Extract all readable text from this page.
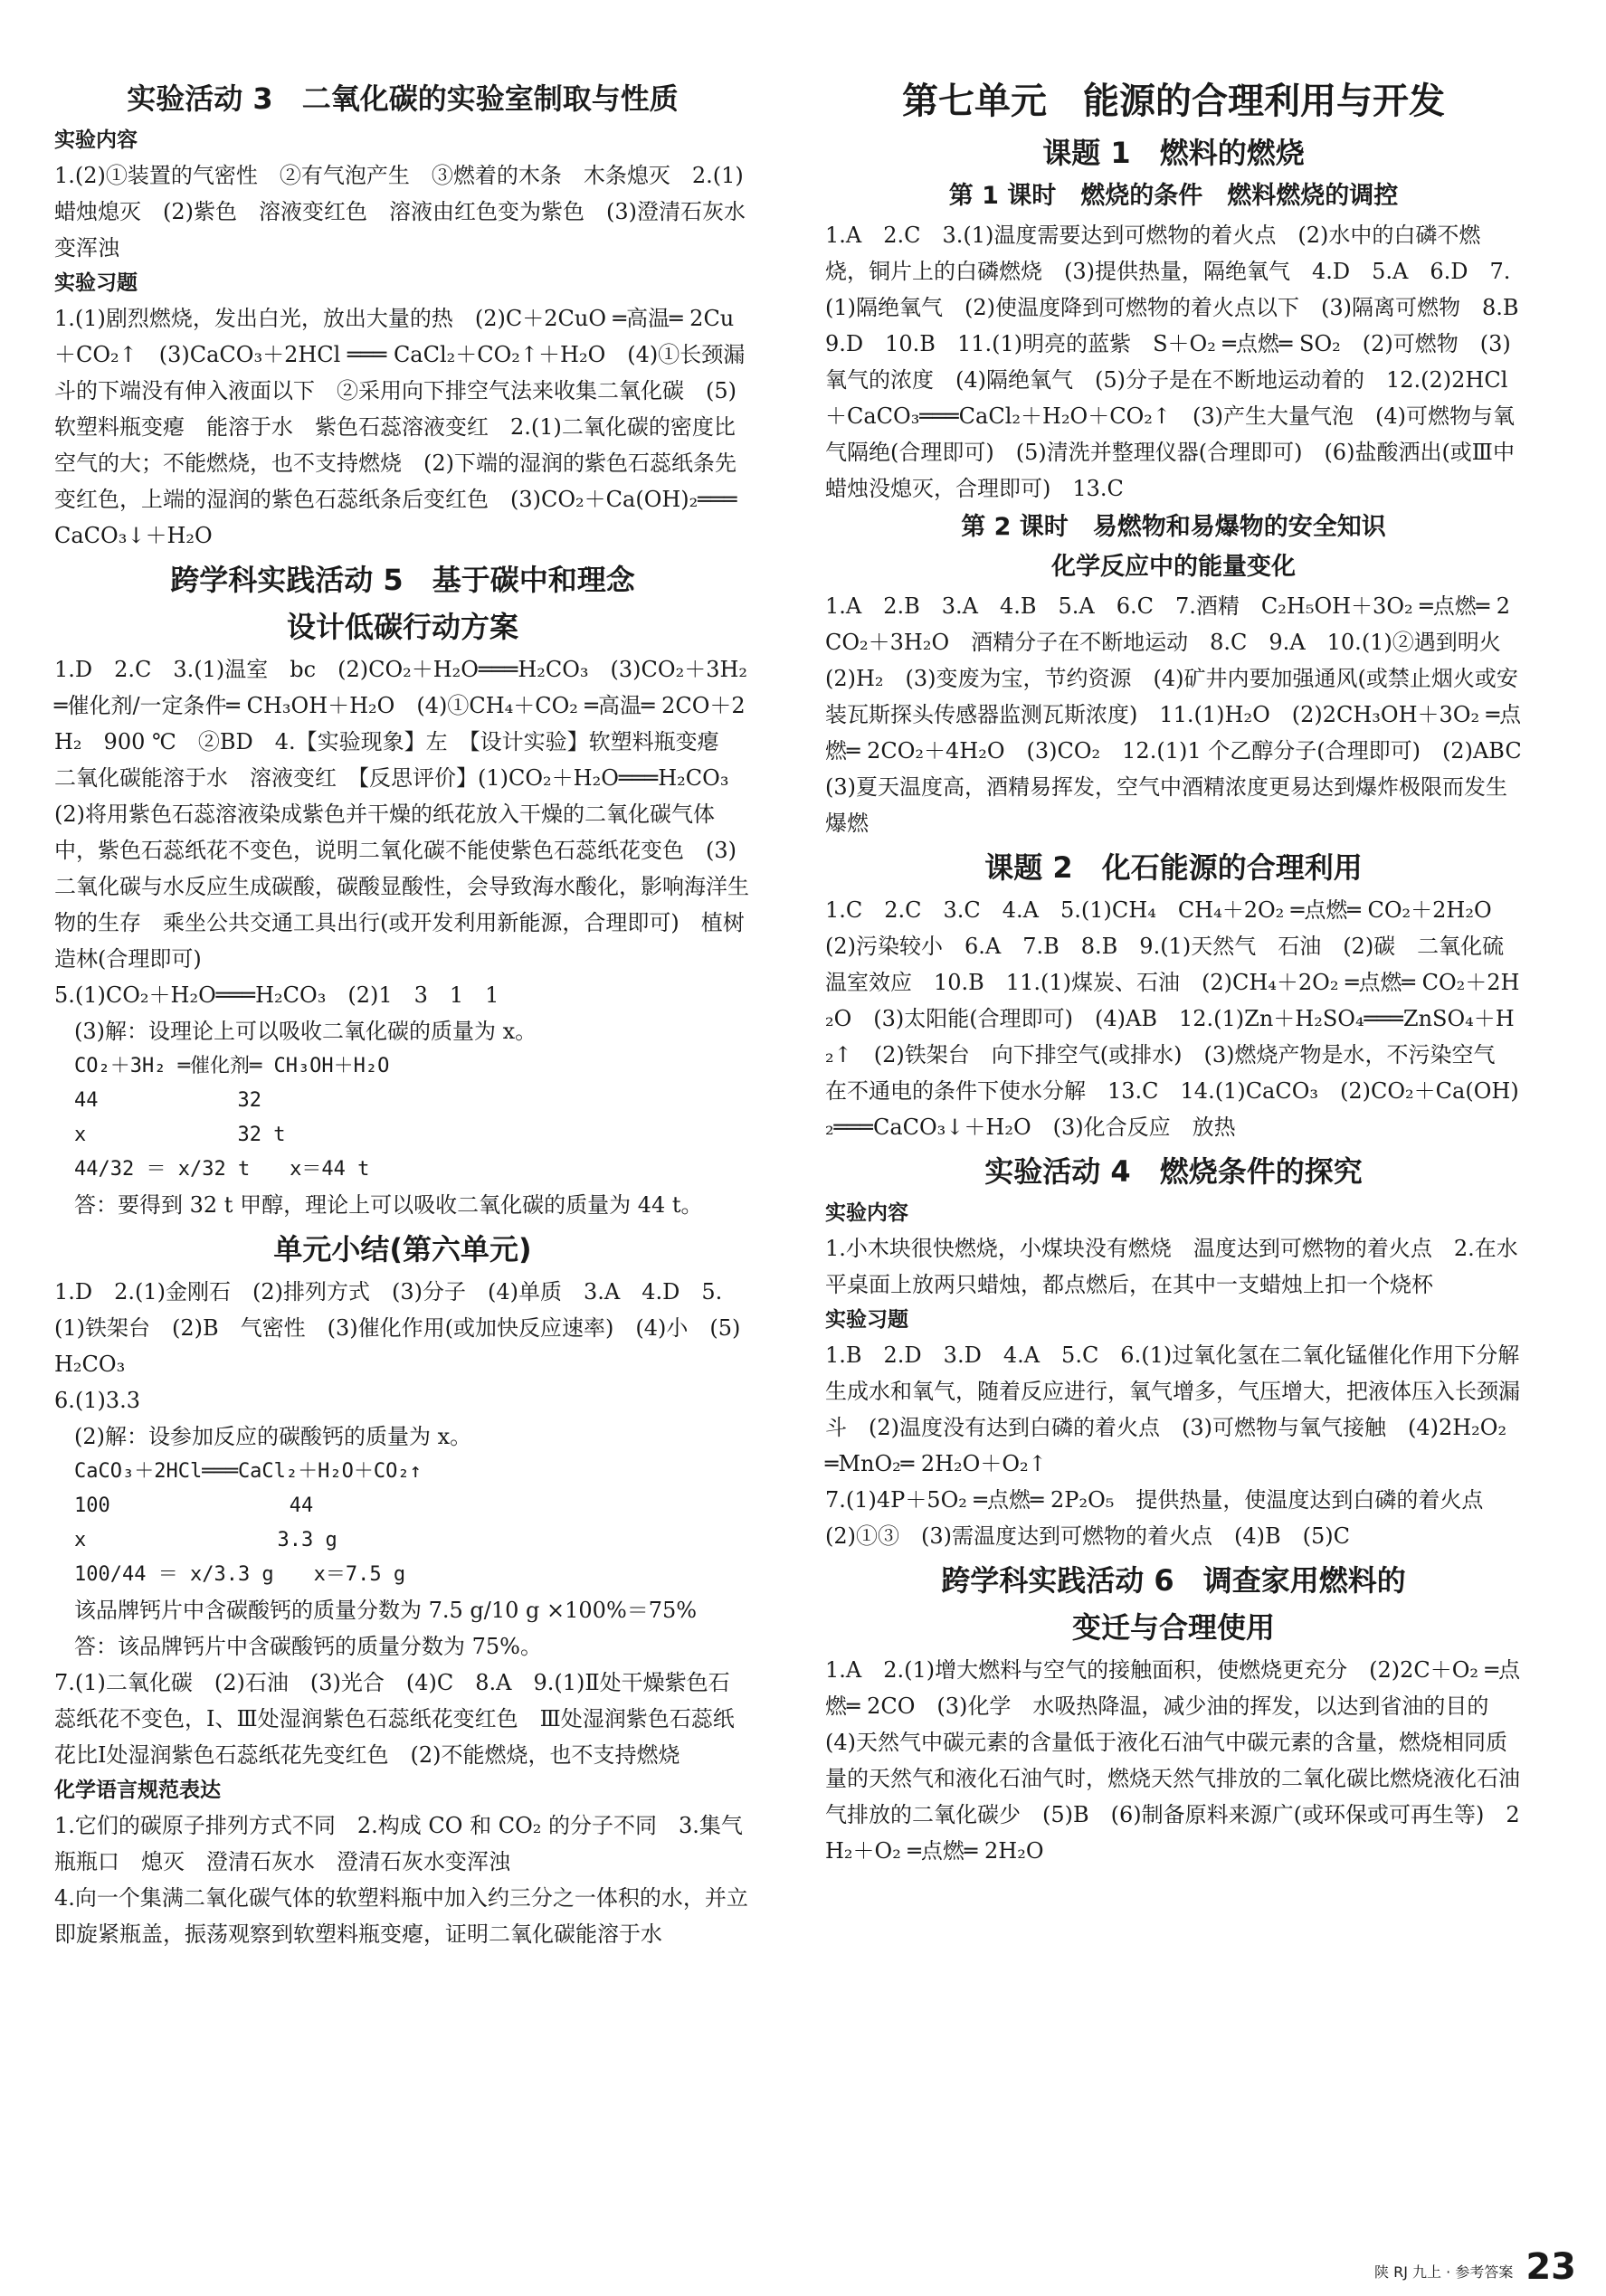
实验活动 3　二氧化碳的实验室制取与性质
实验内容
1.(2)①装置的气密性　②有气泡产生　③燃着的木条　木条熄灭　2.(1)蜡烛熄灭　(2)紫色　溶液变红色　溶液由红色变为紫色　(3)澄清石灰水变浑浊
实验习题
1.(1)剧烈燃烧，发出白光，放出大量的热　(2)C＋2CuO ═高温═ 2Cu＋CO₂↑　(3)CaCO₃＋2HCl ═══ CaCl₂＋CO₂↑＋H₂O　(4)①长颈漏斗的下端没有伸入液面以下　②采用向下排空气法来收集二氧化碳　(5)软塑料瓶变瘪　能溶于水　紫色石蕊溶液变红　2.(1)二氧化碳的密度比空气的大；不能燃烧，也不支持燃烧　(2)下端的湿润的紫色石蕊纸条先变红色，上端的湿润的紫色石蕊纸条后变红色　(3)CO₂＋Ca(OH)₂═══CaCO₃↓＋H₂O
跨学科实践活动 5　基于碳中和理念
设计低碳行动方案
1.D　2.C　3.(1)温室　bc　(2)CO₂＋H₂O═══H₂CO₃　(3)CO₂＋3H₂ ═催化剂/一定条件═ CH₃OH＋H₂O　(4)①CH₄＋CO₂ ═高温═ 2CO＋2H₂　900 ℃　②BD　4.【实验现象】左　【设计实验】软塑料瓶变瘪　二氧化碳能溶于水　溶液变红　【反思评价】(1)CO₂＋H₂O═══H₂CO₃　(2)将用紫色石蕊溶液染成紫色并干燥的纸花放入干燥的二氧化碳气体中，紫色石蕊纸花不变色，说明二氧化碳不能使紫色石蕊纸花变色　(3)二氧化碳与水反应生成碳酸，碳酸显酸性，会导致海水酸化，影响海洋生物的生存　乘坐公共交通工具出行(或开发利用新能源，合理即可)　植树造林(合理即可)
5.(1)CO₂＋H₂O═══H₂CO₃　(2)1　3　1　1
(3)解：设理论上可以吸收二氧化碳的质量为 x。
CO₂＋3H₂ ═催化剂═ CH₃OH＋H₂O
44　　　　　　　32
x　　　　　　　 32 t
44/32 ＝ x/32 t　　x＝44 t
答：要得到 32 t 甲醇，理论上可以吸收二氧化碳的质量为 44 t。
单元小结(第六单元)
1.D　2.(1)金刚石　(2)排列方式　(3)分子　(4)单质　3.A　4.D　5.(1)铁架台　(2)B　气密性　(3)催化作用(或加快反应速率)　(4)小　(5)H₂CO₃
6.(1)3.3
(2)解：设参加反应的碳酸钙的质量为 x。
CaCO₃＋2HCl═══CaCl₂＋H₂O＋CO₂↑
100　　　　　　　　　44
x　　　　　　　　　 3.3 g
100/44 ＝ x/3.3 g　　x＝7.5 g
该品牌钙片中含碳酸钙的质量分数为 7.5 g/10 g ×100%＝75%
答：该品牌钙片中含碳酸钙的质量分数为 75%。
7.(1)二氧化碳　(2)石油　(3)光合　(4)C　8.A　9.(1)Ⅱ处干燥紫色石蕊纸花不变色，Ⅰ、Ⅲ处湿润紫色石蕊纸花变红色　Ⅲ处湿润紫色石蕊纸花比Ⅰ处湿润紫色石蕊纸花先变红色　(2)不能燃烧，也不支持燃烧
化学语言规范表达
1.它们的碳原子排列方式不同　2.构成 CO 和 CO₂ 的分子不同　3.集气瓶瓶口　熄灭　澄清石灰水　澄清石灰水变浑浊
4.向一个集满二氧化碳气体的软塑料瓶中加入约三分之一体积的水，并立即旋紧瓶盖，振荡观察到软塑料瓶变瘪，证明二氧化碳能溶于水
第七单元　能源的合理利用与开发
课题 1　燃料的燃烧
第 1 课时　燃烧的条件　燃料燃烧的调控
1.A　2.C　3.(1)温度需要达到可燃物的着火点　(2)水中的白磷不燃烧，铜片上的白磷燃烧　(3)提供热量，隔绝氧气　4.D　5.A　6.D　7.(1)隔绝氧气　(2)使温度降到可燃物的着火点以下　(3)隔离可燃物　8.B　9.D　10.B　11.(1)明亮的蓝紫　S＋O₂ ═点燃═ SO₂　(2)可燃物　(3)氧气的浓度　(4)隔绝氧气　(5)分子是在不断地运动着的　12.(2)2HCl＋CaCO₃═══CaCl₂＋H₂O＋CO₂↑　(3)产生大量气泡　(4)可燃物与氧气隔绝(合理即可)　(5)清洗并整理仪器(合理即可)　(6)盐酸洒出(或Ⅲ中蜡烛没熄灭，合理即可)　13.C
第 2 课时　易燃物和易爆物的安全知识
化学反应中的能量变化
1.A　2.B　3.A　4.B　5.A　6.C　7.酒精　C₂H₅OH＋3O₂ ═点燃═ 2CO₂＋3H₂O　酒精分子在不断地运动　8.C　9.A　10.(1)②遇到明火　(2)H₂　(3)变废为宝，节约资源　(4)矿井内要加强通风(或禁止烟火或安装瓦斯探头传感器监测瓦斯浓度)　11.(1)H₂O　(2)2CH₃OH＋3O₂ ═点燃═ 2CO₂＋4H₂O　(3)CO₂　12.(1)1 个乙醇分子(合理即可)　(2)ABC　(3)夏天温度高，酒精易挥发，空气中酒精浓度更易达到爆炸极限而发生爆燃
课题 2　化石能源的合理利用
1.C　2.C　3.C　4.A　5.(1)CH₄　CH₄＋2O₂ ═点燃═ CO₂＋2H₂O　(2)污染较小　6.A　7.B　8.B　9.(1)天然气　石油　(2)碳　二氧化硫　温室效应　10.B　11.(1)煤炭、石油　(2)CH₄＋2O₂ ═点燃═ CO₂＋2H₂O　(3)太阳能(合理即可)　(4)AB　12.(1)Zn＋H₂SO₄═══ZnSO₄＋H₂↑　(2)铁架台　向下排空气(或排水)　(3)燃烧产物是水，不污染空气　在不通电的条件下使水分解　13.C　14.(1)CaCO₃　(2)CO₂＋Ca(OH)₂═══CaCO₃↓＋H₂O　(3)化合反应　放热
实验活动 4　燃烧条件的探究
实验内容
1.小木块很快燃烧，小煤块没有燃烧　温度达到可燃物的着火点　2.在水平桌面上放两只蜡烛，都点燃后，在其中一支蜡烛上扣一个烧杯
实验习题
1.B　2.D　3.D　4.A　5.C　6.(1)过氧化氢在二氧化锰催化作用下分解生成水和氧气，随着反应进行，氧气增多，气压增大，把液体压入长颈漏斗　(2)温度没有达到白磷的着火点　(3)可燃物与氧气接触　(4)2H₂O₂ ═MnO₂═ 2H₂O＋O₂↑
7.(1)4P＋5O₂ ═点燃═ 2P₂O₅　提供热量，使温度达到白磷的着火点　(2)①③　(3)需温度达到可燃物的着火点　(4)B　(5)C
跨学科实践活动 6　调查家用燃料的
变迁与合理使用
1.A　2.(1)增大燃料与空气的接触面积，使燃烧更充分　(2)2C＋O₂ ═点燃═ 2CO　(3)化学　水吸热降温，减少油的挥发，以达到省油的目的　(4)天然气中碳元素的含量低于液化石油气中碳元素的含量，燃烧相同质量的天然气和液化石油气时，燃烧天然气排放的二氧化碳比燃烧液化石油气排放的二氧化碳少　(5)B　(6)制备原料来源广(或环保或可再生等)　2H₂＋O₂ ═点燃═ 2H₂O
陕 RJ 九上 · 参考答案 23
